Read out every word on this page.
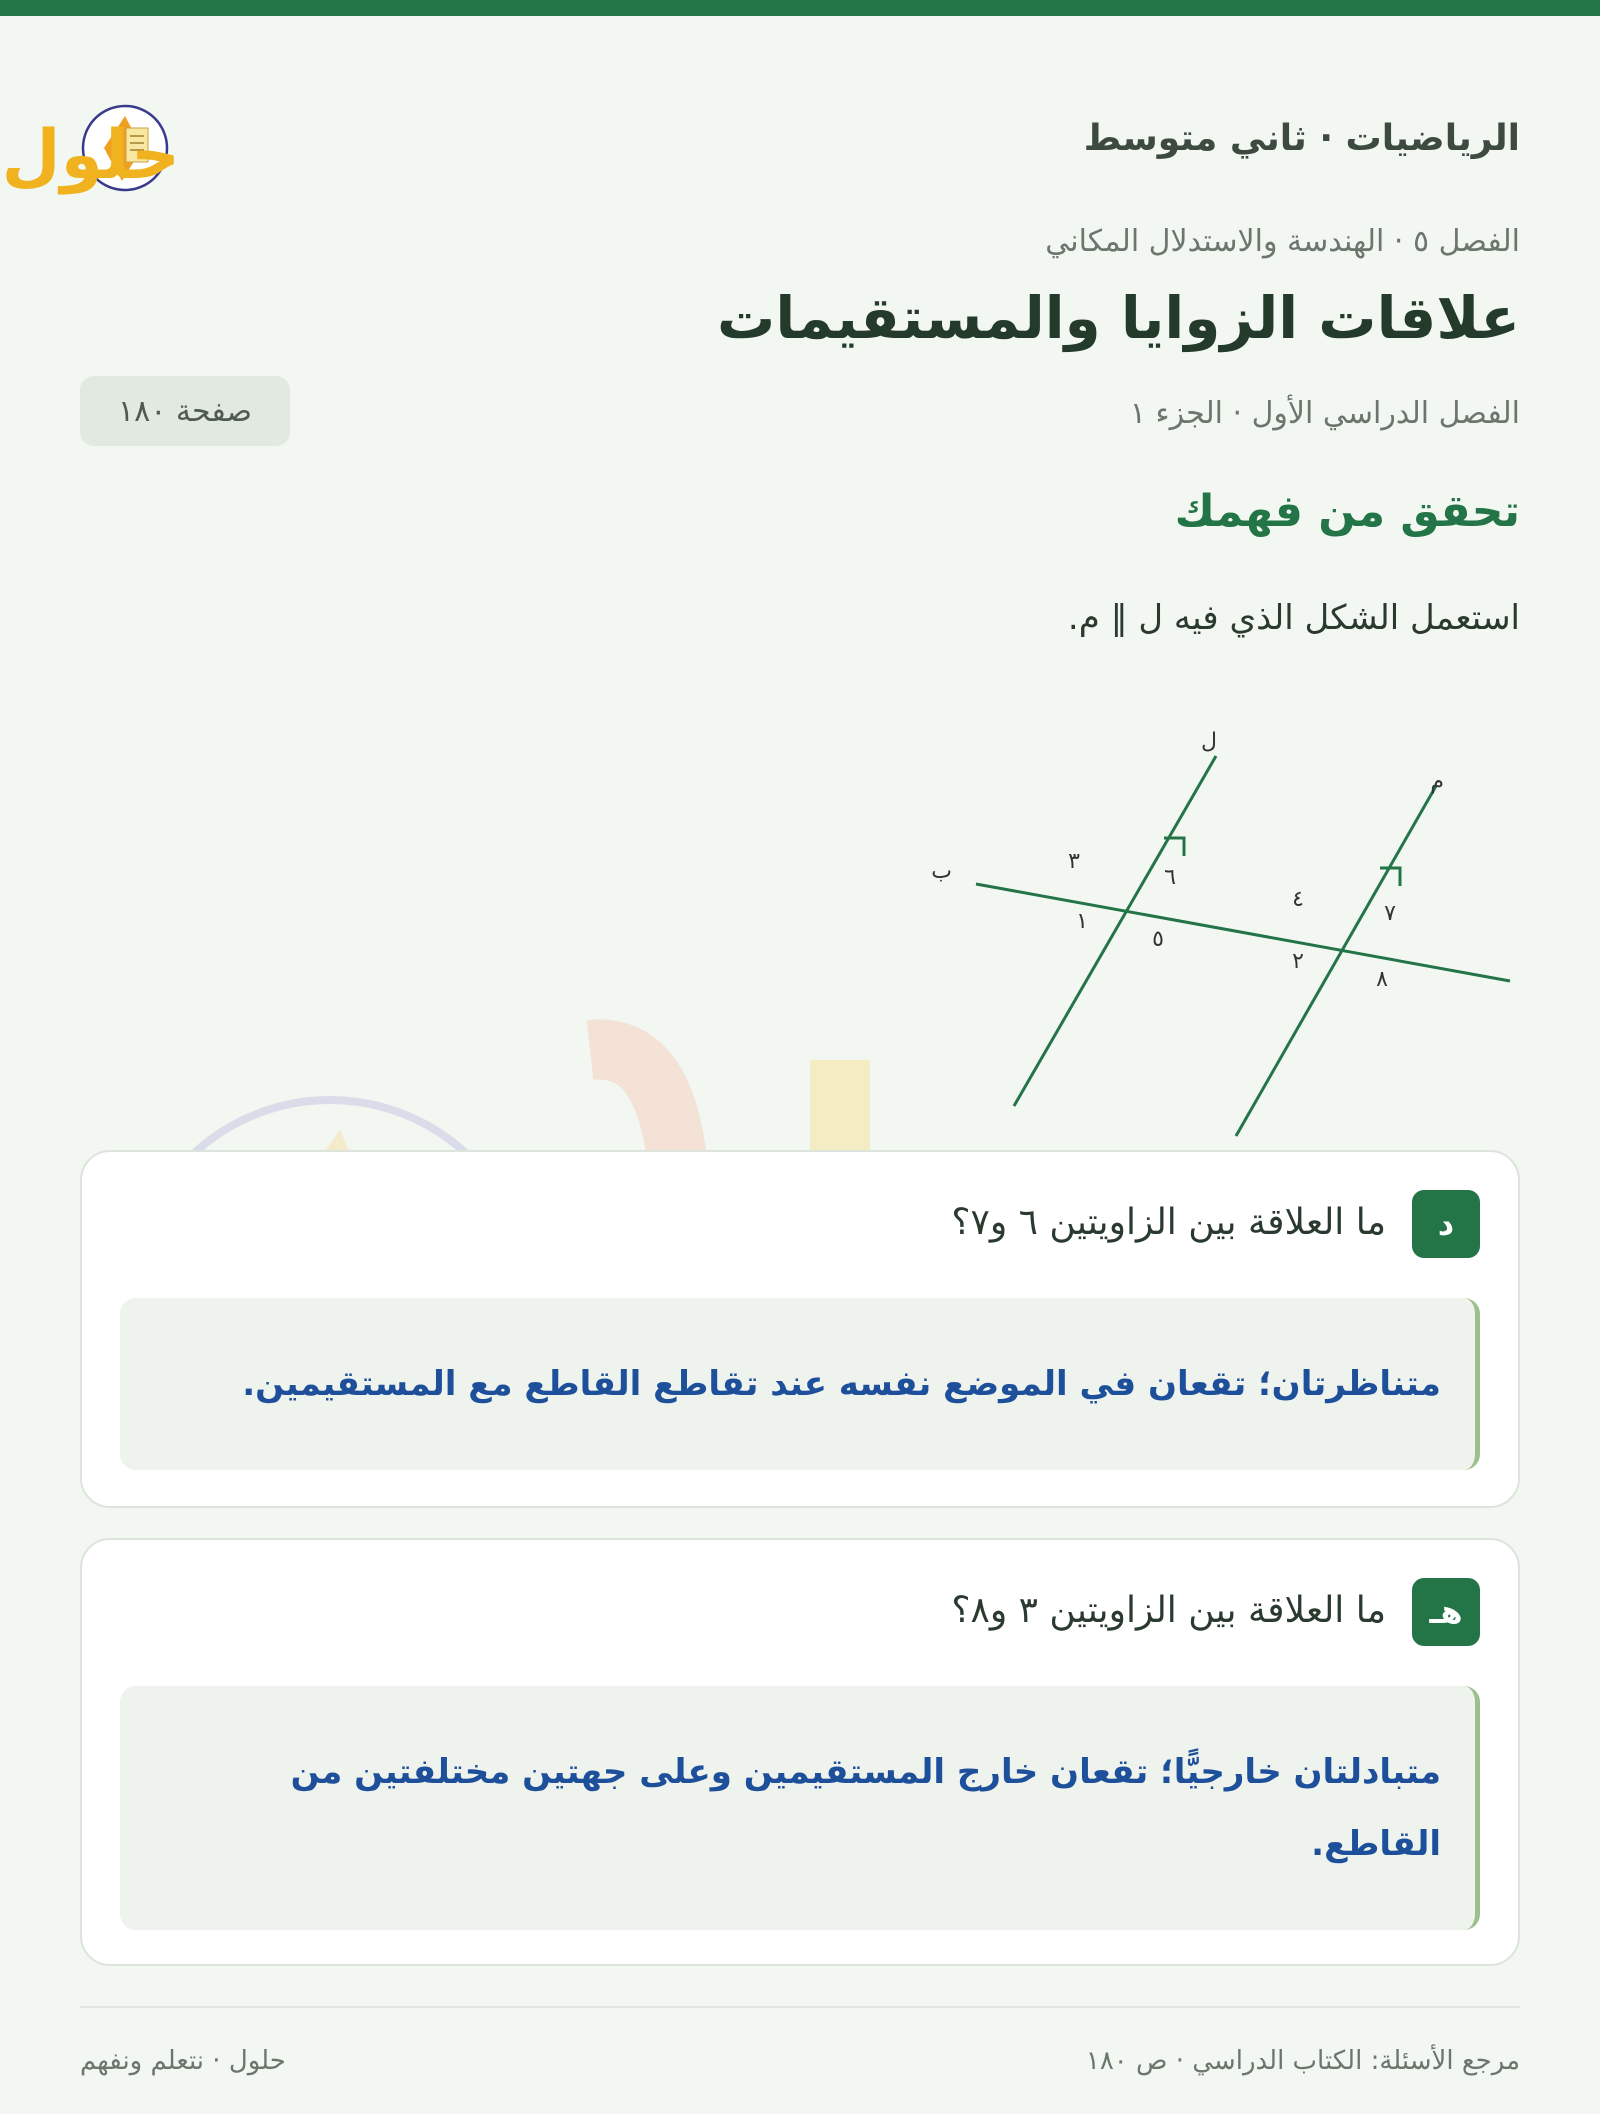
الرياضيات · ثاني متوسط
حلول
الفصل ٥ · الهندسة والاستدلال المكاني
علاقات الزوايا والمستقيمات
الفصل الدراسي الأول · الجزء ١
صفحة ١٨٠
تحقق من فهمك
استعمل الشكل الذي فيه ل ‖ م.
ل
م
ب	٣
٦
١
٥
٤
٧
٢
٨
د
ما العلاقة بين الزاويتين ٦ و٧؟
متناظرتان؛ تقعان في الموضع نفسه عند تقاطع القاطع مع المستقيمين.
هـ
ما العلاقة بين الزاويتين ٣ و٨؟
متبادلتان خارجيًّا؛ تقعان خارج المستقيمين وعلى جهتين مختلفتين من القاطع.
مرجع الأسئلة: الكتاب الدراسي · ص ١٨٠
حلول · نتعلم ونفهم
